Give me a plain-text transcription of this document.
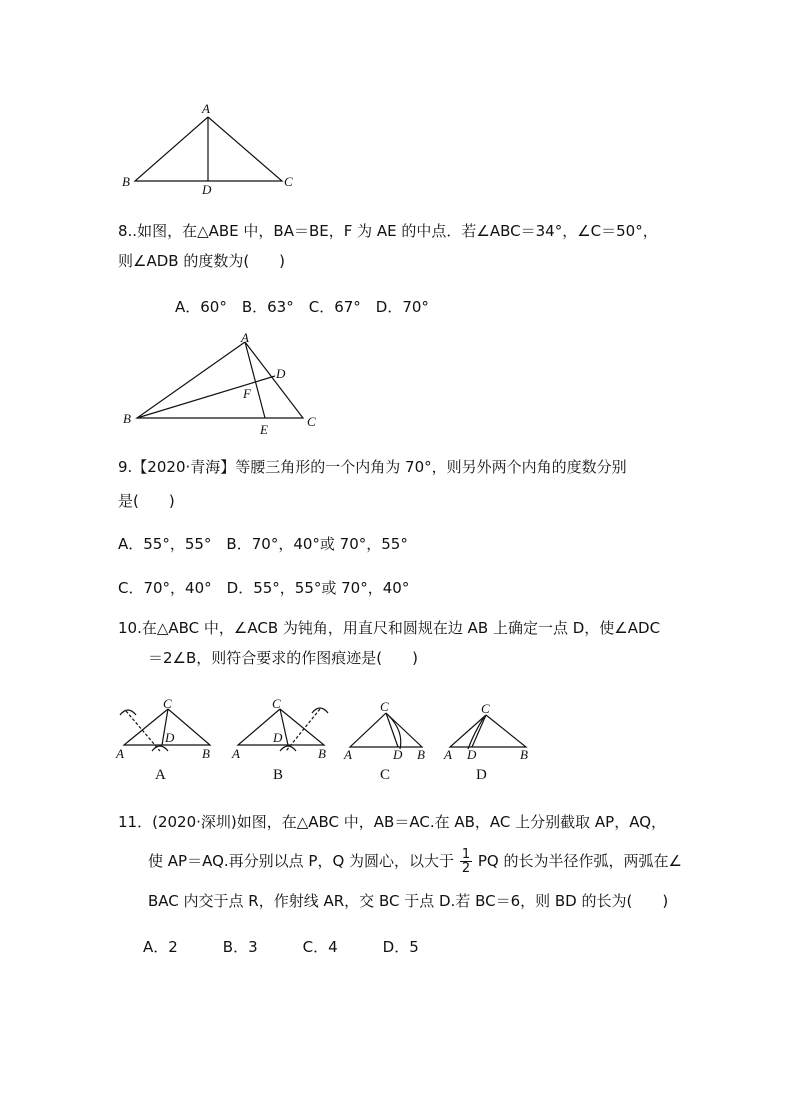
A
B	C
D
8..如图，在△ABE 中，BA＝BE，F 为 AE 的中点．若∠ABC＝34°，∠C＝50°，
则∠ADB 的度数为(　　)
A．60°　B．63°　C．67°　D．70°
A
B	C
D
E
F
9.【2020·青海】等腰三角形的一个内角为 70°，则另外两个内角的度数分别
是(　　)
A．55°，55°　B．70°，40°或 70°，55°
C．70°，40°　D．55°，55°或 70°，40°
10.在△ABC 中，∠ACB 为钝角，用直尺和圆规在边 AB 上确定一点 D，使∠ADC
＝2∠B，则符合要求的作图痕迹是(　　)
C
D
A	B
A
C
D
A	B
B
C
A	D B
C
C
A D	B
D
11．(2020·深圳)如图，在△ABC 中，AB＝AC.在 AB，AC 上分别截取 AP，AQ，
使 AP＝AQ.再分别以点 P，Q 为圆心，以大于 $\frac{1}{2}$ PQ 的长为半径作弧，两弧在∠
BAC 内交于点 R，作射线 AR，交 BC 于点 D.若 BC＝6，则 BD 的长为(　　)
A．2　　　B．3　　　C．4　　　D．5
